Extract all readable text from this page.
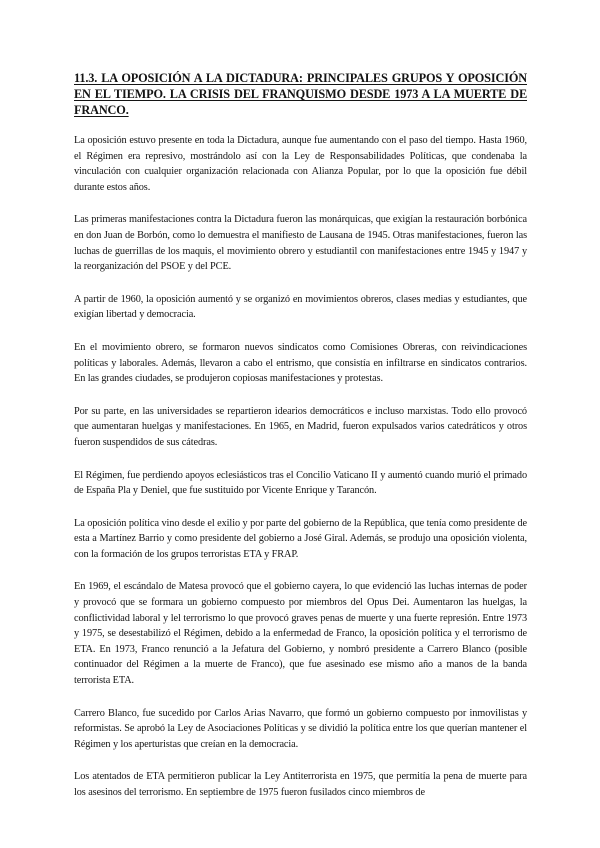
11.3. LA OPOSICIÓN A LA DICTADURA: PRINCIPALES GRUPOS Y OPOSICIÓN EN EL TIEMPO. LA CRISIS DEL FRANQUISMO DESDE 1973 A LA MUERTE DE FRANCO.

La oposición estuvo presente en toda la Dictadura, aunque fue aumentando con el paso del tiempo. Hasta 1960, el Régimen era represivo, mostrándolo así con la Ley de Responsabilidades Políticas, que condenaba la vinculación con cualquier organización relacionada con Alianza Popular, por lo que la oposición fue débil durante estos años.

Las primeras manifestaciones contra la Dictadura fueron las monárquicas, que exigían la restauración borbónica en don Juan de Borbón, como lo demuestra el manifiesto de Lausana de 1945. Otras manifestaciones, fueron las luchas de guerrillas de los maquis, el movimiento obrero y estudiantil con manifestaciones entre 1945 y 1947 y la reorganización del PSOE y del PCE.

A partir de 1960, la oposición aumentó y se organizó en movimientos obreros, clases medias y estudiantes, que exigían libertad y democracia.

En el movimiento obrero, se formaron nuevos sindicatos como Comisiones Obreras, con reivindicaciones políticas y laborales. Además, llevaron a cabo el entrismo, que consistía en infiltrarse en sindicatos contrarios. En las grandes ciudades, se produjeron copiosas manifestaciones y protestas.

Por su parte, en las universidades se repartieron idearios democráticos e incluso marxistas. Todo ello provocó que aumentaran huelgas y manifestaciones. En 1965, en Madrid, fueron expulsados varios catedráticos y otros fueron suspendidos de sus cátedras.

El Régimen, fue perdiendo apoyos eclesiásticos tras el Concilio Vaticano II y aumentó cuando murió el primado de España Pla y Deniel, que fue sustituido por Vicente Enrique y Tarancón.

La oposición política vino desde el exilio y por parte del gobierno de la República, que tenía como presidente de esta a Martínez Barrio y como presidente del gobierno a José Giral. Además, se produjo una oposición violenta, con la formación de los grupos terroristas ETA y FRAP.

En 1969, el escándalo de Matesa provocó que el gobierno cayera, lo que evidenció las luchas internas de poder y provocó que se formara un gobierno compuesto por miembros del Opus Dei. Aumentaron las huelgas, la conflictividad laboral y lel terrorismo lo que provocó graves penas de muerte y una fuerte represión. Entre 1973 y 1975, se desestabilizó el Régimen, debido a la enfermedad de Franco, la oposición política y el terrorismo de ETA. En 1973, Franco renunció a la Jefatura del Gobierno, y nombró presidente a Carrero Blanco (posible continuador del Régimen a la muerte de Franco), que fue asesinado ese mismo año a manos de la banda terrorista ETA.

Carrero Blanco, fue sucedido por Carlos Arias Navarro, que formó un gobierno compuesto por inmovilistas y reformistas. Se aprobó la Ley de Asociaciones Políticas y se dividió la política entre los que querían mantener el Régimen y los aperturistas que creían en la democracia.

Los atentados de ETA permitieron publicar la Ley Antiterrorista en 1975, que permitía la pena de muerte para los asesinos del terrorismo. En septiembre de 1975 fueron fusilados cinco miembros de
